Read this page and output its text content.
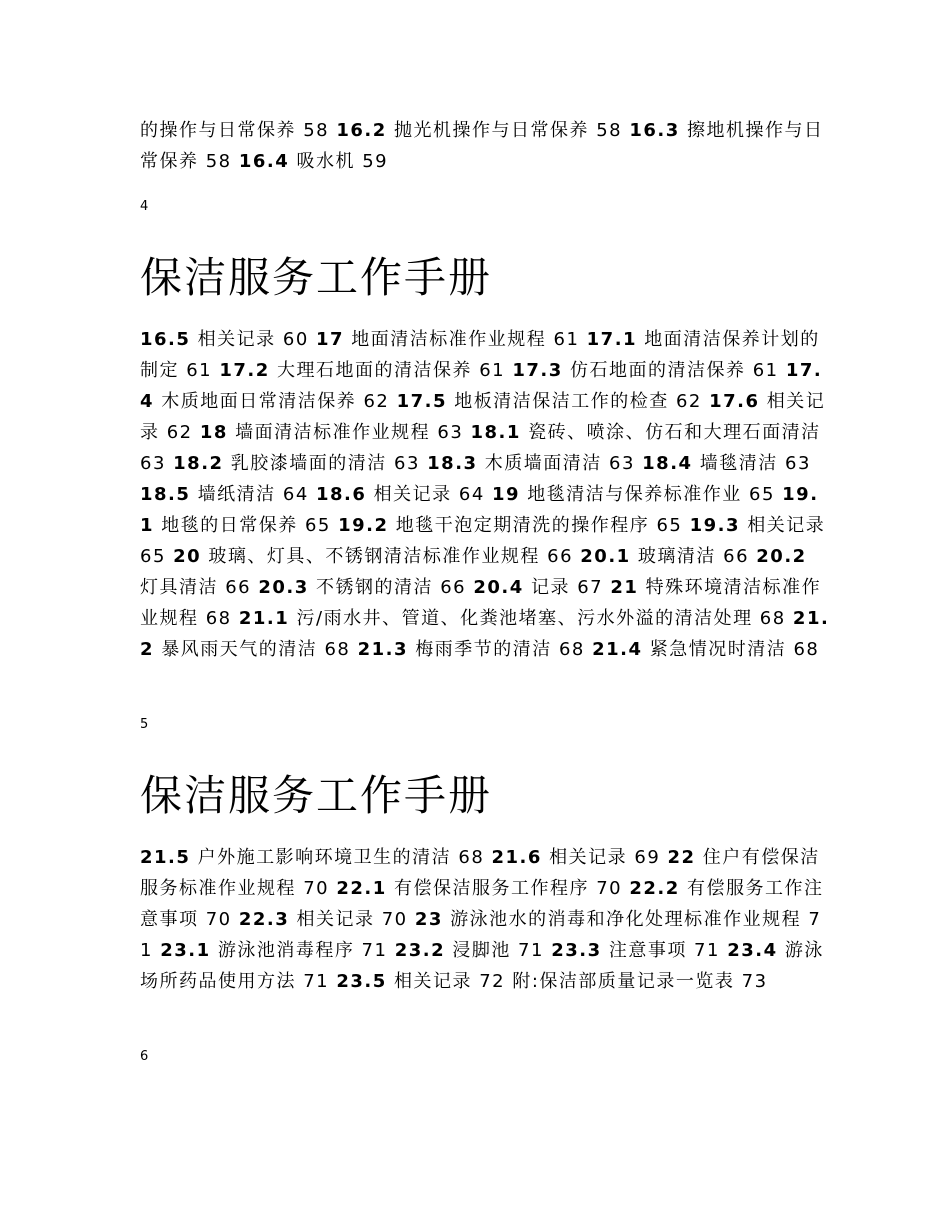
的操作与日常保养 58 16.2 抛光机操作与日常保养 58 16.3 擦地机操作与日常保养 58 16.4 吸水机 59

4

保洁服务工作手册

16.5 相关记录 60 17 地面清洁标准作业规程 61 17.1 地面清洁保养计划的制定 61 17.2 大理石地面的清洁保养 61 17.3 仿石地面的清洁保养 61 17.4 木质地面日常清洁保养 62 17.5 地板清洁保洁工作的检查 62 17.6 相关记录 62 18 墙面清洁标准作业规程 63 18.1 瓷砖、喷涂、仿石和大理石面清洁 63 18.2 乳胶漆墙面的清洁 63 18.3 木质墙面清洁 63 18.4 墙毯清洁 63 18.5 墙纸清洁 64 18.6 相关记录 64 19 地毯清洁与保养标准作业 65 19.1 地毯的日常保养 65 19.2 地毯干泡定期清洗的操作程序 65 19.3 相关记录 65 20 玻璃、灯具、不锈钢清洁标准作业规程 66 20.1 玻璃清洁 66 20.2 灯具清洁 66 20.3 不锈钢的清洁 66 20.4 记录 67 21 特殊环境清洁标准作业规程 68 21.1 污/雨水井、管道、化粪池堵塞、污水外溢的清洁处理 68 21.2 暴风雨天气的清洁 68 21.3 梅雨季节的清洁 68 21.4 紧急情况时清洁 68

5

保洁服务工作手册

21.5 户外施工影响环境卫生的清洁 68 21.6 相关记录 69 22 住户有偿保洁服务标准作业规程 70 22.1 有偿保洁服务工作程序 70 22.2 有偿服务工作注意事项 70 22.3 相关记录 70 23 游泳池水的消毒和净化处理标准作业规程 71 23.1 游泳池消毒程序 71 23.2 浸脚池 71 23.3 注意事项 71 23.4 游泳场所药品使用方法 71 23.5 相关记录 72 附:保洁部质量记录一览表 73

6
